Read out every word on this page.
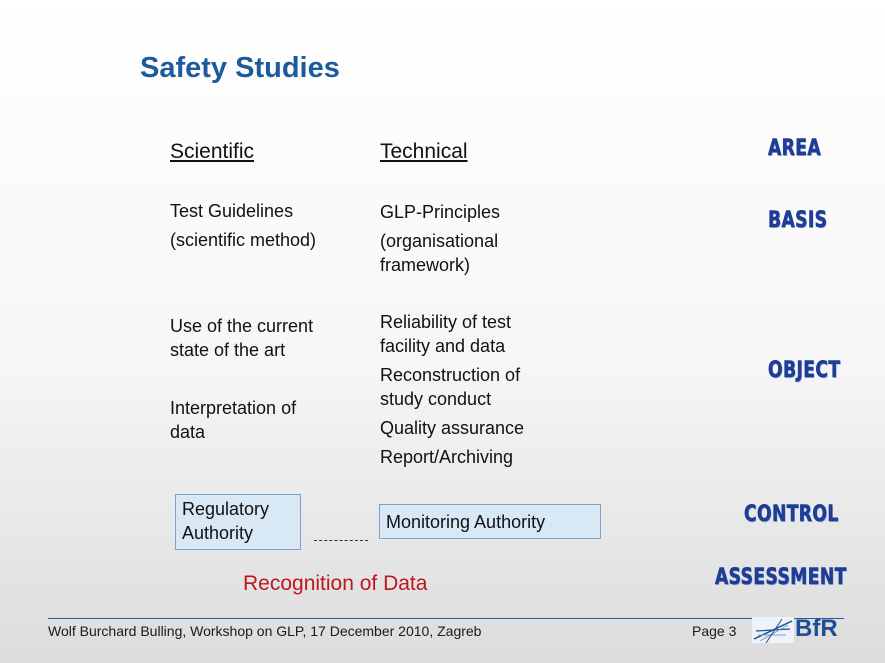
Safety Studies
Scientific	Technical
Test Guidelines
(scientific method)
GLP-Principles
(organisational
framework)
Use of the current
state of the art
Interpretation of
data
Reliability of test
facility and data
Reconstruction of
study conduct
Quality assurance
Report/Archiving
Regulatory
Authority
Monitoring Authority
Recognition of Data
AREA
BASIS
OBJECT
CONTROL
ASSESSMENT
Wolf Burchard Bulling, Workshop on GLP, 17 December 2010, Zagreb	Page 3 BfR
